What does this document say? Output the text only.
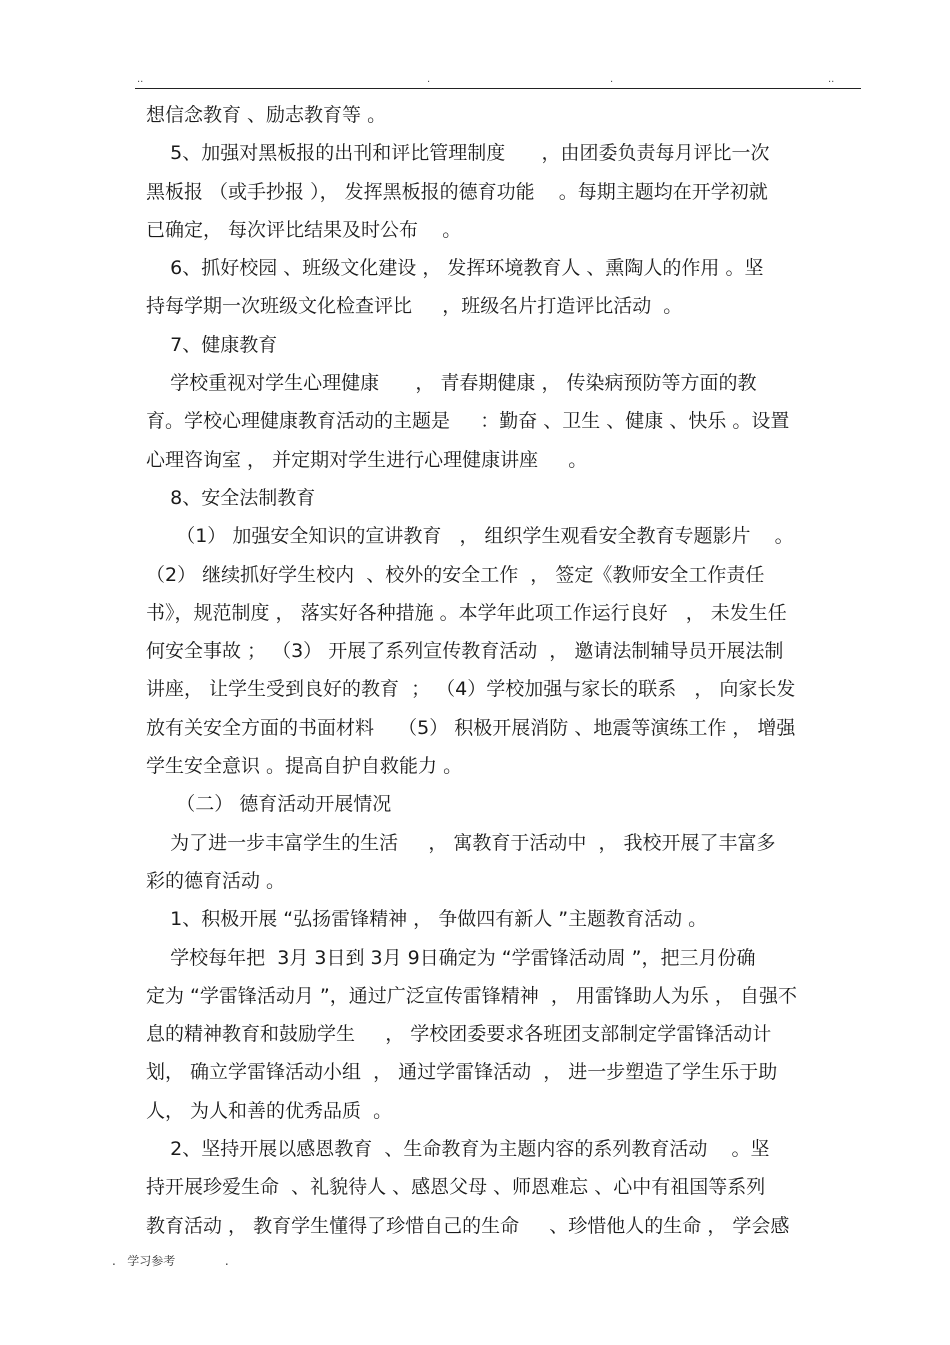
..	.	.	..
想信念教育 、励志教育等 。
5、加强对黑板报的出刊和评比管理制度      ，由团委负责每月评比一次
黑板报 （或手抄报 ）， 发挥黑板报的德育功能    。每期主题均在开学初就
已确定， 每次评比结果及时公布    。
6、抓好校园 、班级文化建设 ， 发挥环境教育人 、熏陶人的作用 。坚
持每学期一次班级文化检查评比     ，班级名片打造评比活动  。
7、健康教育
学校重视对学生心理健康      ， 青春期健康 ， 传染病预防等方面的教
育。学校心理健康教育活动的主题是     ：勤奋 、卫生 、健康 、快乐 。设置
心理咨询室 ， 并定期对学生进行心理健康讲座     。
8、安全法制教育
（1） 加强安全知识的宣讲教育   ， 组织学生观看安全教育专题影片    。
（2） 继续抓好学生校内  、校外的安全工作  ， 签定《教师安全工作责任
书》，规范制度 ， 落实好各种措施 。本学年此项工作运行良好   ， 未发生任
何安全事故 ； （3） 开展了系列宣传教育活动  ， 邀请法制辅导员开展法制
讲座， 让学生受到良好的教育  ； （4）学校加强与家长的联系   ， 向家长发
放有关安全方面的书面材料    （5） 积极开展消防 、地震等演练工作 ， 增强
学生安全意识 。提高自护自救能力 。
（二） 德育活动开展情况
为了进一步丰富学生的生活     ， 寓教育于活动中  ， 我校开展了丰富多
彩的德育活动 。
1、积极开展 “弘扬雷锋精神 ， 争做四有新人 ”主题教育活动 。
学校每年把  3月 3日到 3月 9日确定为 “学雷锋活动周 ”，把三月份确
定为 “学雷锋活动月 ”，通过广泛宣传雷锋精神  ， 用雷锋助人为乐 ， 自强不
息的精神教育和鼓励学生     ， 学校团委要求各班团支部制定学雷锋活动计
划， 确立学雷锋活动小组  ， 通过学雷锋活动  ， 进一步塑造了学生乐于助
人， 为人和善的优秀品质  。
2、坚持开展以感恩教育  、生命教育为主题内容的系列教育活动    。坚
持开展珍爱生命  、礼貌待人 、感恩父母 、师恩难忘 、心中有祖国等系列
教育活动 ， 教育学生懂得了珍惜自己的生命     、珍惜他人的生命 ， 学会感
.   学习参考             .
